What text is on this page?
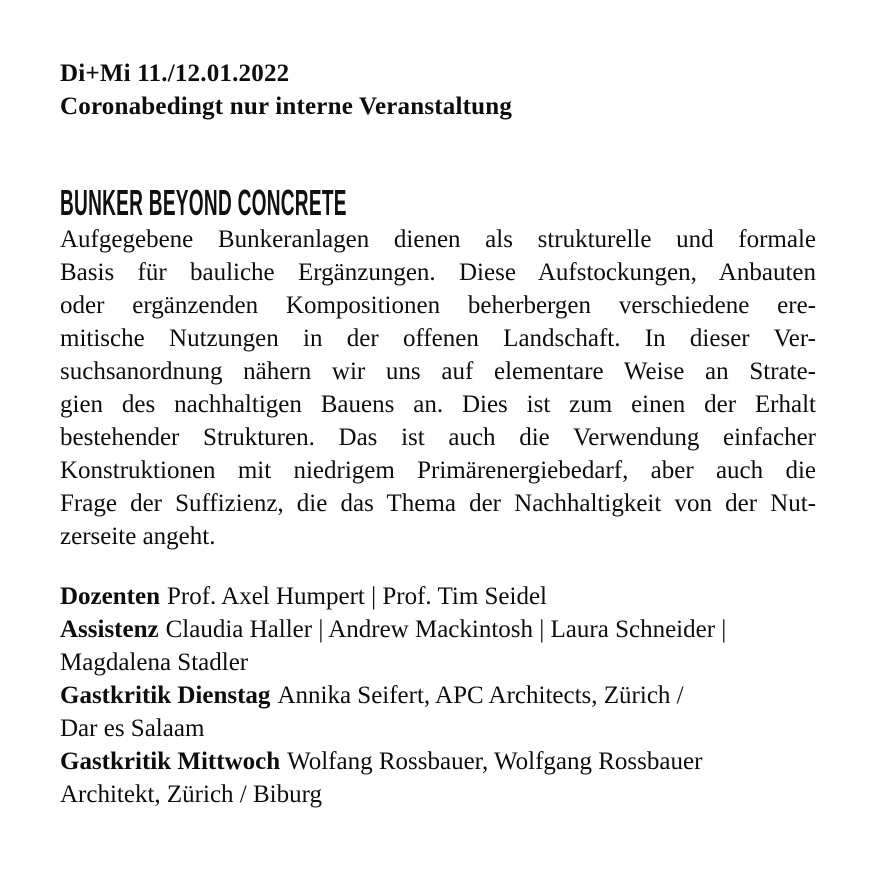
Di+Mi 11./12.01.2022
Coronabedingt nur interne Veranstaltung
BUNKER BEYOND CONCRETE
Aufgegebene Bunkeranlagen dienen als strukturelle und formale
Basis für bauliche Ergänzungen. Diese Aufstockungen, Anbauten
oder ergänzenden Kompositionen beherbergen verschiedene ere-
mitische Nutzungen in der offenen Landschaft. In dieser Ver-
suchsanordnung nähern wir uns auf elementare Weise an Strate-
gien des nachhaltigen Bauens an. Dies ist zum einen der Erhalt
bestehender Strukturen. Das ist auch die Verwendung einfacher
Konstruktionen mit niedrigem Primärenergiebedarf, aber auch die
Frage der Suffizienz, die das Thema der Nachhaltigkeit von der Nut-
zerseite angeht.
Dozenten Prof. Axel Humpert | Prof. Tim Seidel
Assistenz Claudia Haller | Andrew Mackintosh | Laura Schneider |
Magdalena Stadler
Gastkritik Dienstag Annika Seifert, APC Architects, Zürich /
Dar es Salaam
Gastkritik Mittwoch Wolfang Rossbauer, Wolfgang Rossbauer
Architekt, Zürich / Biburg
